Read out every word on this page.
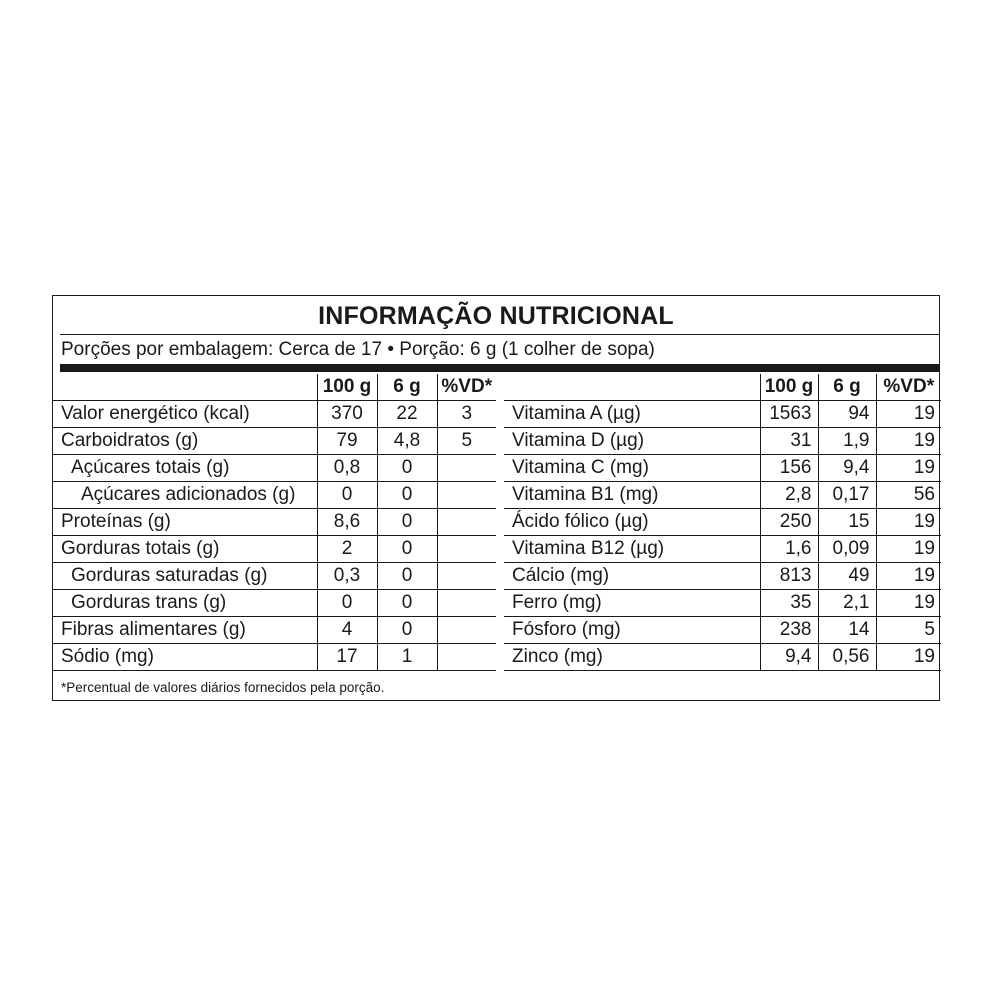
INFORMAÇÃO NUTRICIONAL
Porções por embalagem: Cerca de 17 • Porção: 6 g (1 colher de sopa)
	100 g	6 g	%VD*
Valor energético (kcal)	370	22	3
Carboidratos (g)	79	4,8	5
Açúcares totais (g)	0,8	0	
Açúcares adicionados (g)	0	0	
Proteínas (g)	8,6	0	
Gorduras totais (g)	2	0	
Gorduras saturadas (g)	0,3	0	
Gorduras trans (g)	0	0	
Fibras alimentares (g)	4	0	
Sódio (mg)	17	1	
	100 g	6 g	%VD*
Vitamina A (µg)	1563	94	19
Vitamina D (µg)	31	1,9	19
Vitamina C (mg)	156	9,4	19
Vitamina B1 (mg)	2,8	0,17	56
Ácido fólico (µg)	250	15	19
Vitamina B12 (µg)	1,6	0,09	19
Cálcio (mg)	813	49	19
Ferro (mg)	35	2,1	19
Fósforo (mg)	238	14	5
Zinco (mg)	9,4	0,56	19
*Percentual de valores diários fornecidos pela porção.
